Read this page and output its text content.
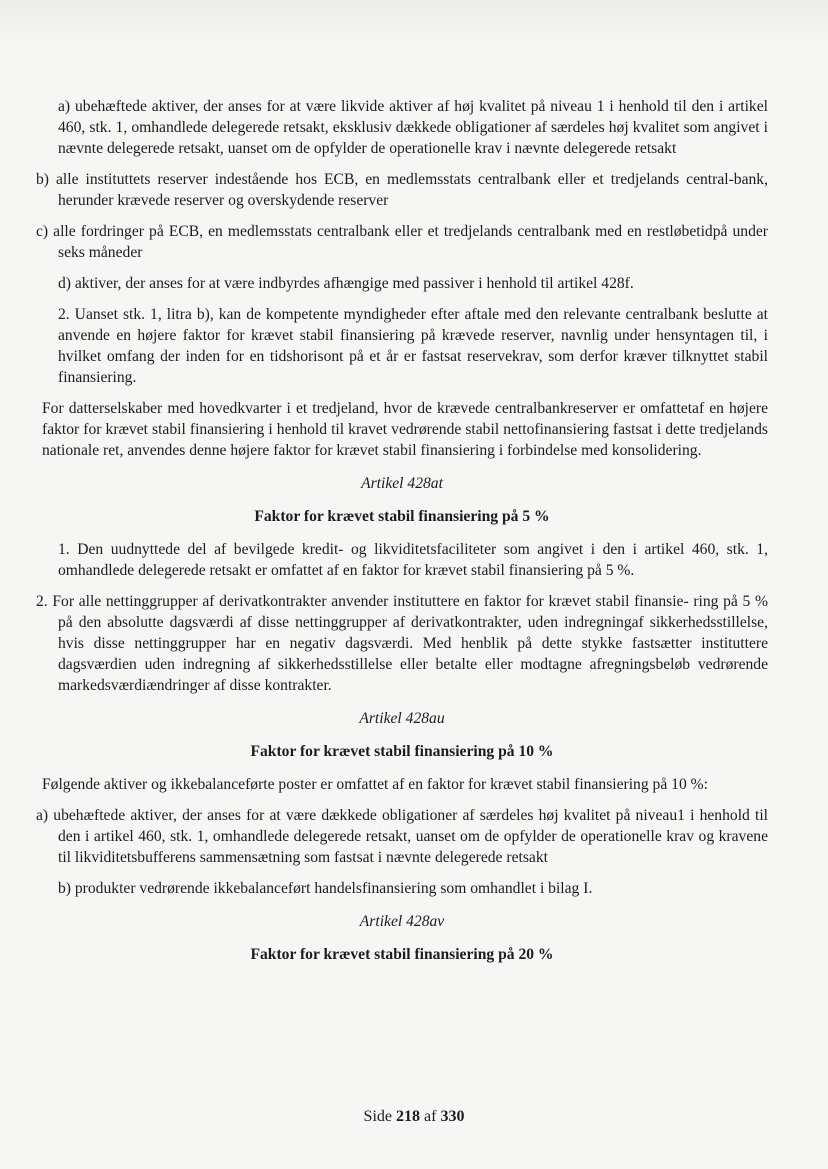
a) ubehæftede aktiver, der anses for at være likvide aktiver af høj kvalitet på niveau 1 i henhold til den i artikel 460, stk. 1, omhandlede delegerede retsakt, eksklusiv dækkede obligationer af særdeles høj kvalitet som angivet i nævnte delegerede retsakt, uanset om de opfylder de operationelle krav i nævnte delegerede retsakt

b) alle instituttets reserver indestående hos ECB, en medlemsstats centralbank eller et tredjelands central-bank, herunder krævede reserver og overskydende reserver

c) alle fordringer på ECB, en medlemsstats centralbank eller et tredjelands centralbank med en restløbetidpå under seks måneder

d) aktiver, der anses for at være indbyrdes afhængige med passiver i henhold til artikel 428f.

2. Uanset stk. 1, litra b), kan de kompetente myndigheder efter aftale med den relevante centralbank beslutte at anvende en højere faktor for krævet stabil finansiering på krævede reserver, navnlig under hensyntagen til, i hvilket omfang der inden for en tidshorisont på et år er fastsat reservekrav, som derfor kræver tilknyttet stabil finansiering.

For datterselskaber med hovedkvarter i et tredjeland, hvor de krævede centralbankreserver er omfattetaf en højere faktor for krævet stabil finansiering i henhold til kravet vedrørende stabil nettofinansiering fastsat i dette tredjelands nationale ret, anvendes denne højere faktor for krævet stabil finansiering i forbindelse med konsolidering.

Artikel 428at

Faktor for krævet stabil finansiering på 5 %

1. Den uudnyttede del af bevilgede kredit- og likviditetsfaciliteter som angivet i den i artikel 460, stk. 1, omhandlede delegerede retsakt er omfattet af en faktor for krævet stabil finansiering på 5 %.

2. For alle nettinggrupper af derivatkontrakter anvender instituttere en faktor for krævet stabil finansie- ring på 5 % på den absolutte dagsværdi af disse nettinggrupper af derivatkontrakter, uden indregningaf sikkerhedsstillelse, hvis disse nettinggrupper har en negativ dagsværdi. Med henblik på dette stykke fastsætter instituttere dagsværdien uden indregning af sikkerhedsstillelse eller betalte eller modtagne afregningsbeløb vedrørende markedsværdiændringer af disse kontrakter.

Artikel 428au

Faktor for krævet stabil finansiering på 10 %

Følgende aktiver og ikkebalanceførte poster er omfattet af en faktor for krævet stabil finansiering på 10 %:

a) ubehæftede aktiver, der anses for at være dækkede obligationer af særdeles høj kvalitet på niveau1 i henhold til den i artikel 460, stk. 1, omhandlede delegerede retsakt, uanset om de opfylder de operationelle krav og kravene til likviditetsbufferens sammensætning som fastsat i nævnte delegerede retsakt

b) produkter vedrørende ikkebalanceført handelsfinansiering som omhandlet i bilag I.

Artikel 428av

Faktor for krævet stabil finansiering på 20 %

Side 218 af 330
